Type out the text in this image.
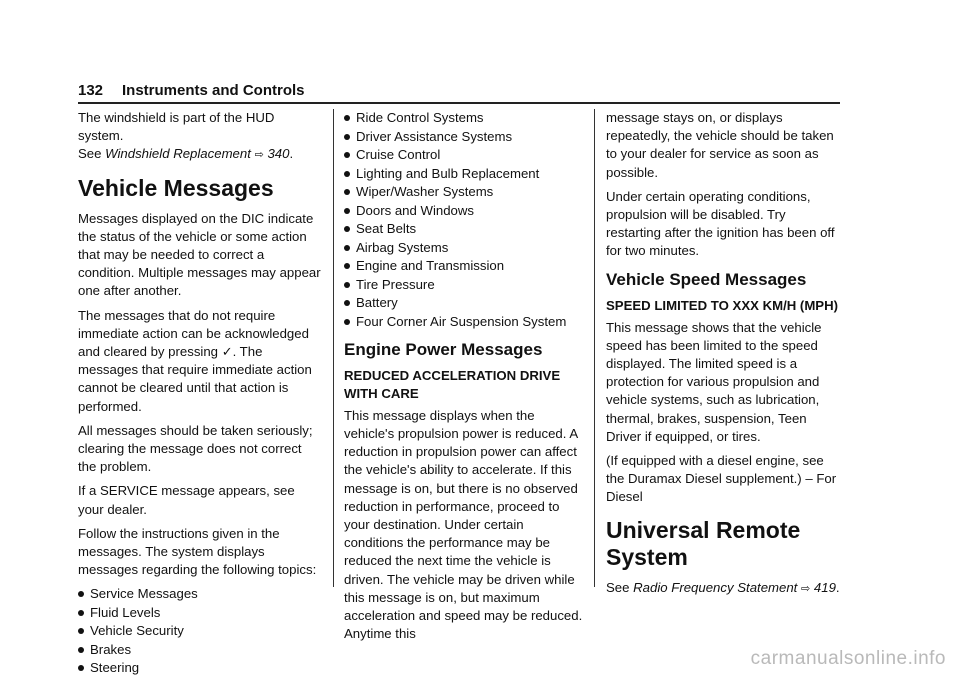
132 Instruments and Controls

The windshield is part of the HUD system.
See Windshield Replacement ⇨ 340.

Vehicle Messages

Messages displayed on the DIC indicate the status of the vehicle or some action that may be needed to correct a condition. Multiple messages may appear one after another.

The messages that do not require immediate action can be acknowledged and cleared by pressing ✓. The messages that require immediate action cannot be cleared until that action is performed.

All messages should be taken seriously; clearing the message does not correct the problem.

If a SERVICE message appears, see your dealer.

Follow the instructions given in the messages. The system displays messages regarding the following topics:

Service Messages
Fluid Levels
Vehicle Security
Brakes
Steering
Ride Control Systems
Driver Assistance Systems
Cruise Control
Lighting and Bulb Replacement
Wiper/Washer Systems
Doors and Windows
Seat Belts
Airbag Systems
Engine and Transmission
Tire Pressure
Battery
Four Corner Air Suspension System
Engine Power Messages
REDUCED ACCELERATION DRIVE
WITH CARE

This message displays when the vehicle's propulsion power is reduced. A reduction in propulsion power can affect the vehicle's ability to accelerate. If this message is on, but there is no observed reduction in performance, proceed to your destination. Under certain conditions the performance may be reduced the next time the vehicle is driven. The vehicle may be driven while this message is on, but maximum acceleration and speed may be reduced. Anytime this

message stays on, or displays repeatedly, the vehicle should be taken to your dealer for service as soon as possible.

Under certain operating conditions, propulsion will be disabled. Try restarting after the ignition has been off for two minutes.

Vehicle Speed Messages
SPEED LIMITED TO XXX KM/H (MPH)

This message shows that the vehicle speed has been limited to the speed displayed. The limited speed is a protection for various propulsion and vehicle systems, such as lubrication, thermal, brakes, suspension, Teen Driver if equipped, or tires.

(If equipped with a diesel engine, see the Duramax Diesel supplement.) – For Diesel

Universal Remote System

See Radio Frequency Statement ⇨ 419.

carmanualsonline.info
